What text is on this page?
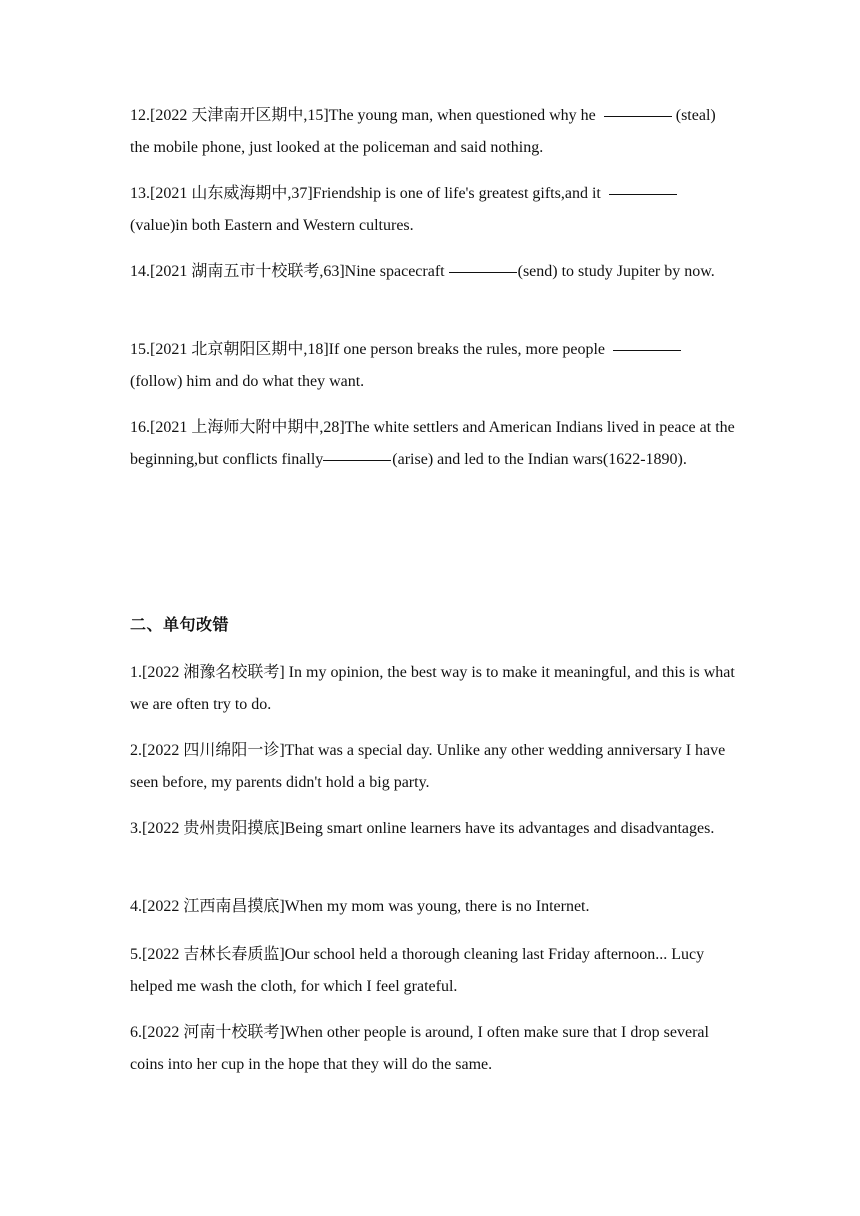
12.[2022 天津南开区期中,15]The young man, when questioned why he	(steal) the mobile phone, just looked at the policeman and said nothing.

13.[2021 山东威海期中,37]Friendship is one of life's greatest gifts,and it (value)in both Eastern and Western cultures.

14.[2021 湖南五市十校联考,63]Nine spacecraft	(send) to study Jupiter by now.

15.[2021 北京朝阳区期中,18]If one person breaks the rules, more people (follow) him and do what they want.

16.[2021 上海师大附中期中,28]The white settlers and American Indians lived in peace at the beginning,but conflicts finally	(arise) and led to the Indian wars(1622-1890).

二、单句改错

1.[2022 湘豫名校联考] In my opinion, the best way is to make it meaningful, and this is what we are often try to do.

2.[2022 四川绵阳一诊]That was a special day. Unlike any other wedding anniversary I have seen before, my parents didn't hold a big party.

3.[2022 贵州贵阳摸底]Being smart online learners have its advantages and disadvantages.

4.[2022 江西南昌摸底]When my mom was young, there is no Internet.

5.[2022 吉林长春质监]Our school held a thorough cleaning last Friday afternoon... Lucy helped me wash the cloth, for which I feel grateful.

6.[2022 河南十校联考]When other people is around, I often make sure that I drop several coins into her cup in the hope that they will do the same.
